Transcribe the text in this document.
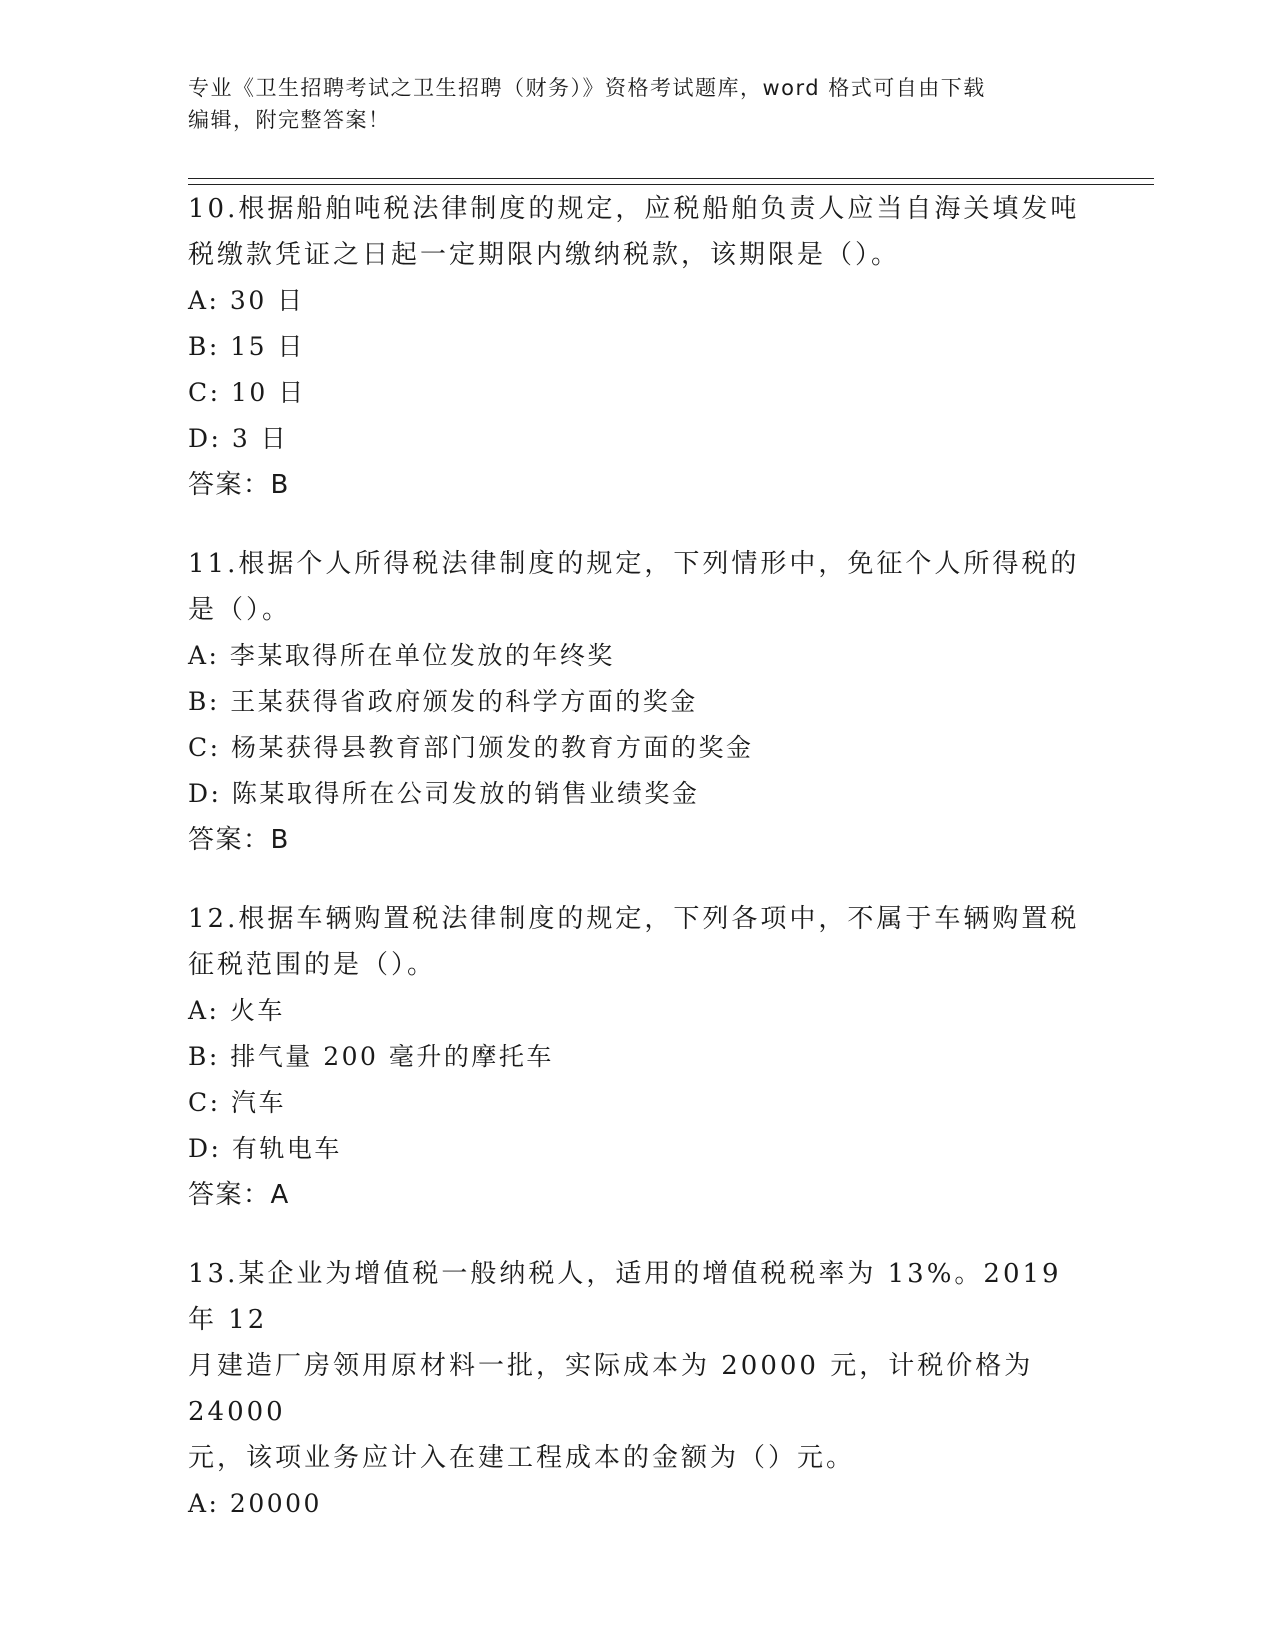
专业《卫生招聘考试之卫生招聘（财务）》资格考试题库，word 格式可自由下载
编辑，附完整答案！
10.根据船舶吨税法律制度的规定，应税船舶负责人应当自海关填发吨
税缴款凭证之日起一定期限内缴纳税款，该期限是（）。
A: 30 日
B: 15 日
C: 10 日
D: 3 日
答案：B
11.根据个人所得税法律制度的规定，下列情形中，免征个人所得税的
是（）。
A: 李某取得所在单位发放的年终奖
B: 王某获得省政府颁发的科学方面的奖金
C: 杨某获得县教育部门颁发的教育方面的奖金
D: 陈某取得所在公司发放的销售业绩奖金
答案：B
12.根据车辆购置税法律制度的规定，下列各项中，不属于车辆购置税
征税范围的是（）。
A: 火车
B: 排气量 200 毫升的摩托车
C: 汽车
D: 有轨电车
答案：A
13.某企业为增值税一般纳税人，适用的增值税税率为 13%。2019 年 12
月建造厂房领用原材料一批，实际成本为 20000 元，计税价格为 24000
元，该项业务应计入在建工程成本的金额为（）元。
A: 20000
